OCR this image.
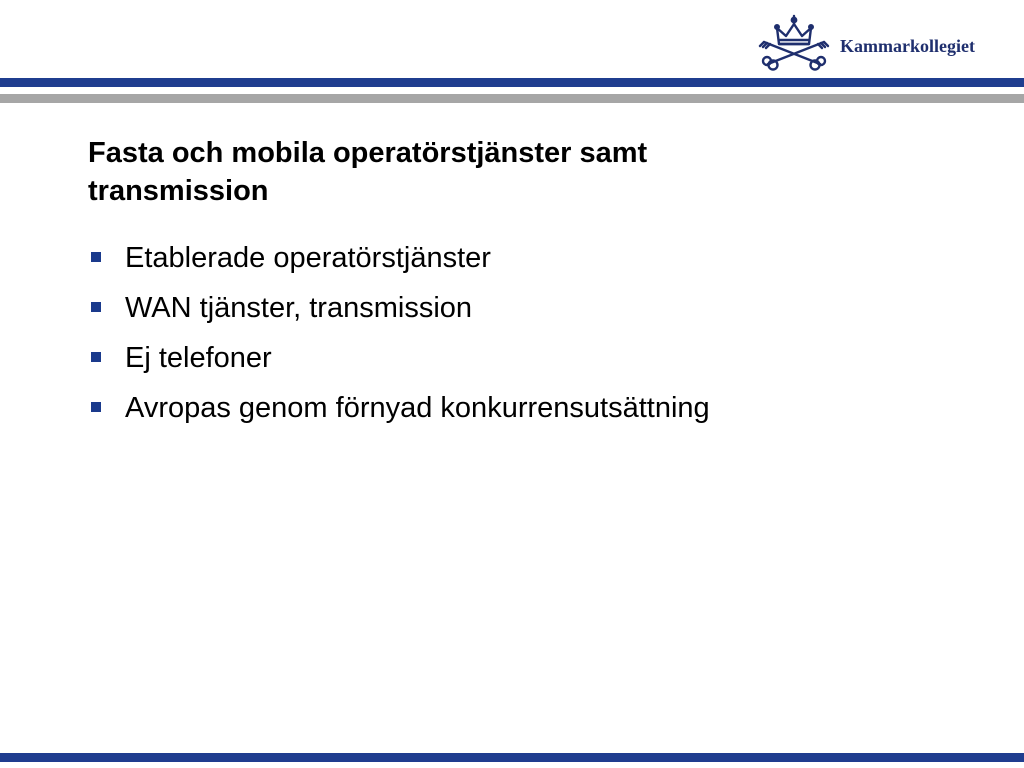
Kammarkollegiet
Fasta och mobila operatörstjänster samt
transmission
Etablerade operatörstjänster
WAN tjänster, transmission
Ej telefoner
Avropas genom förnyad konkurrensutsättning
